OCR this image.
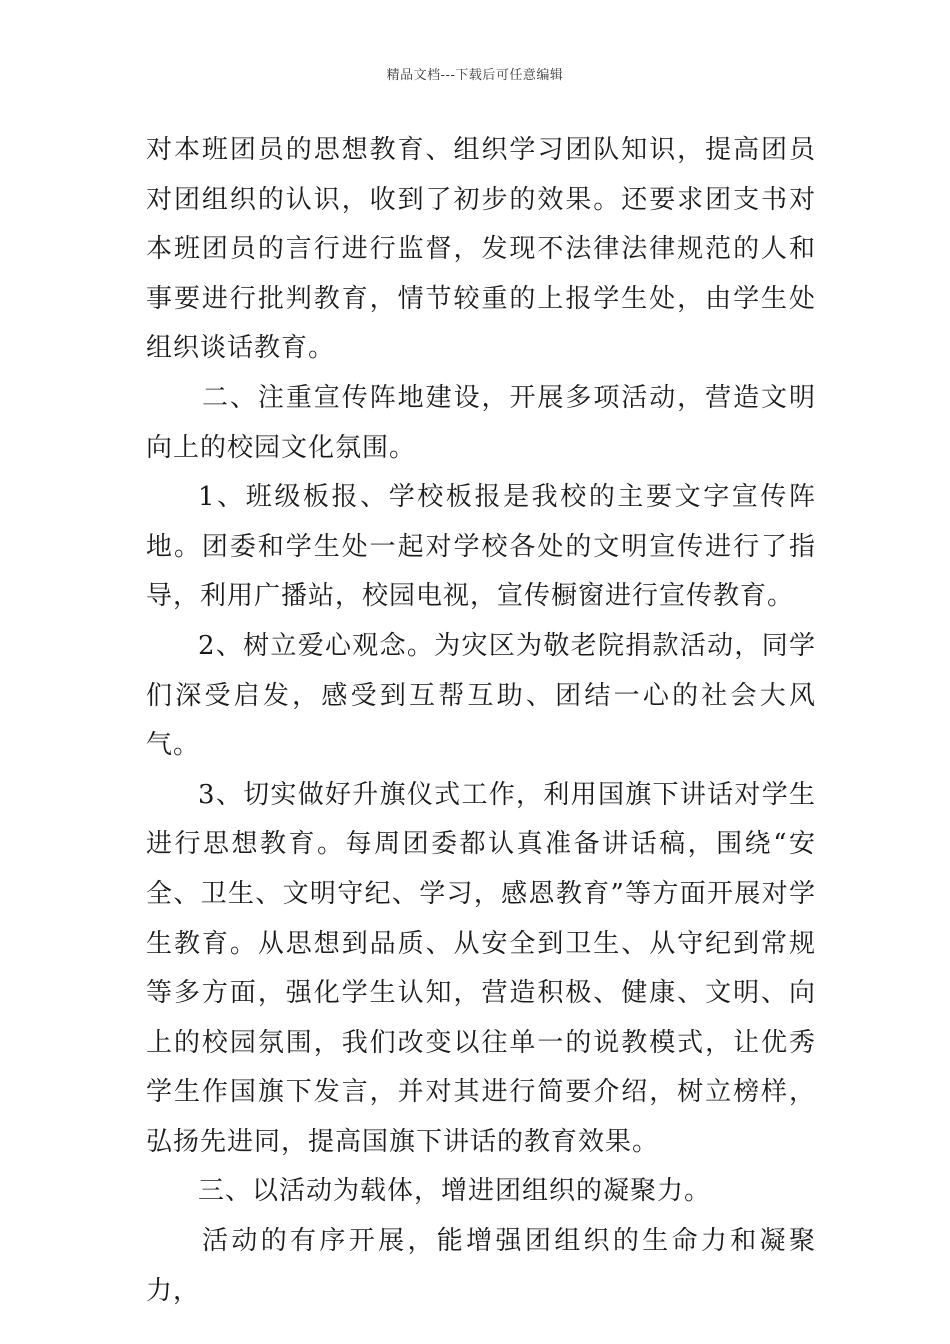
精品文档---下载后可任意编辑

对本班团员的思想教育、组织学习团队知识，提高团员对团组织的认识，收到了初步的效果。还要求团支书对本班团员的言行进行监督，发现不法律法律规范的人和事要进行批判教育，情节较重的上报学生处，由学生处组织谈话教育。

二、注重宣传阵地建设，开展多项活动，营造文明向上的校园文化氛围。

1、班级板报、学校板报是我校的主要文字宣传阵地。团委和学生处一起对学校各处的文明宣传进行了指导，利用广播站，校园电视，宣传橱窗进行宣传教育。

2、树立爱心观念。为灾区为敬老院捐款活动，同学们深受启发，感受到互帮互助、团结一心的社会大风气。

3、切实做好升旗仪式工作，利用国旗下讲话对学生进行思想教育。每周团委都认真准备讲话稿，围绕“安全、卫生、文明守纪、学习，感恩教育”等方面开展对学生教育。从思想到品质、从安全到卫生、从守纪到常规等多方面，强化学生认知，营造积极、健康、文明、向上的校园氛围，我们改变以往单一的说教模式，让优秀学生作国旗下发言，并对其进行简要介绍，树立榜样，弘扬先进同，提高国旗下讲话的教育效果。

三、以活动为载体，增进团组织的凝聚力。

活动的有序开展，能增强团组织的生命力和凝聚力，
